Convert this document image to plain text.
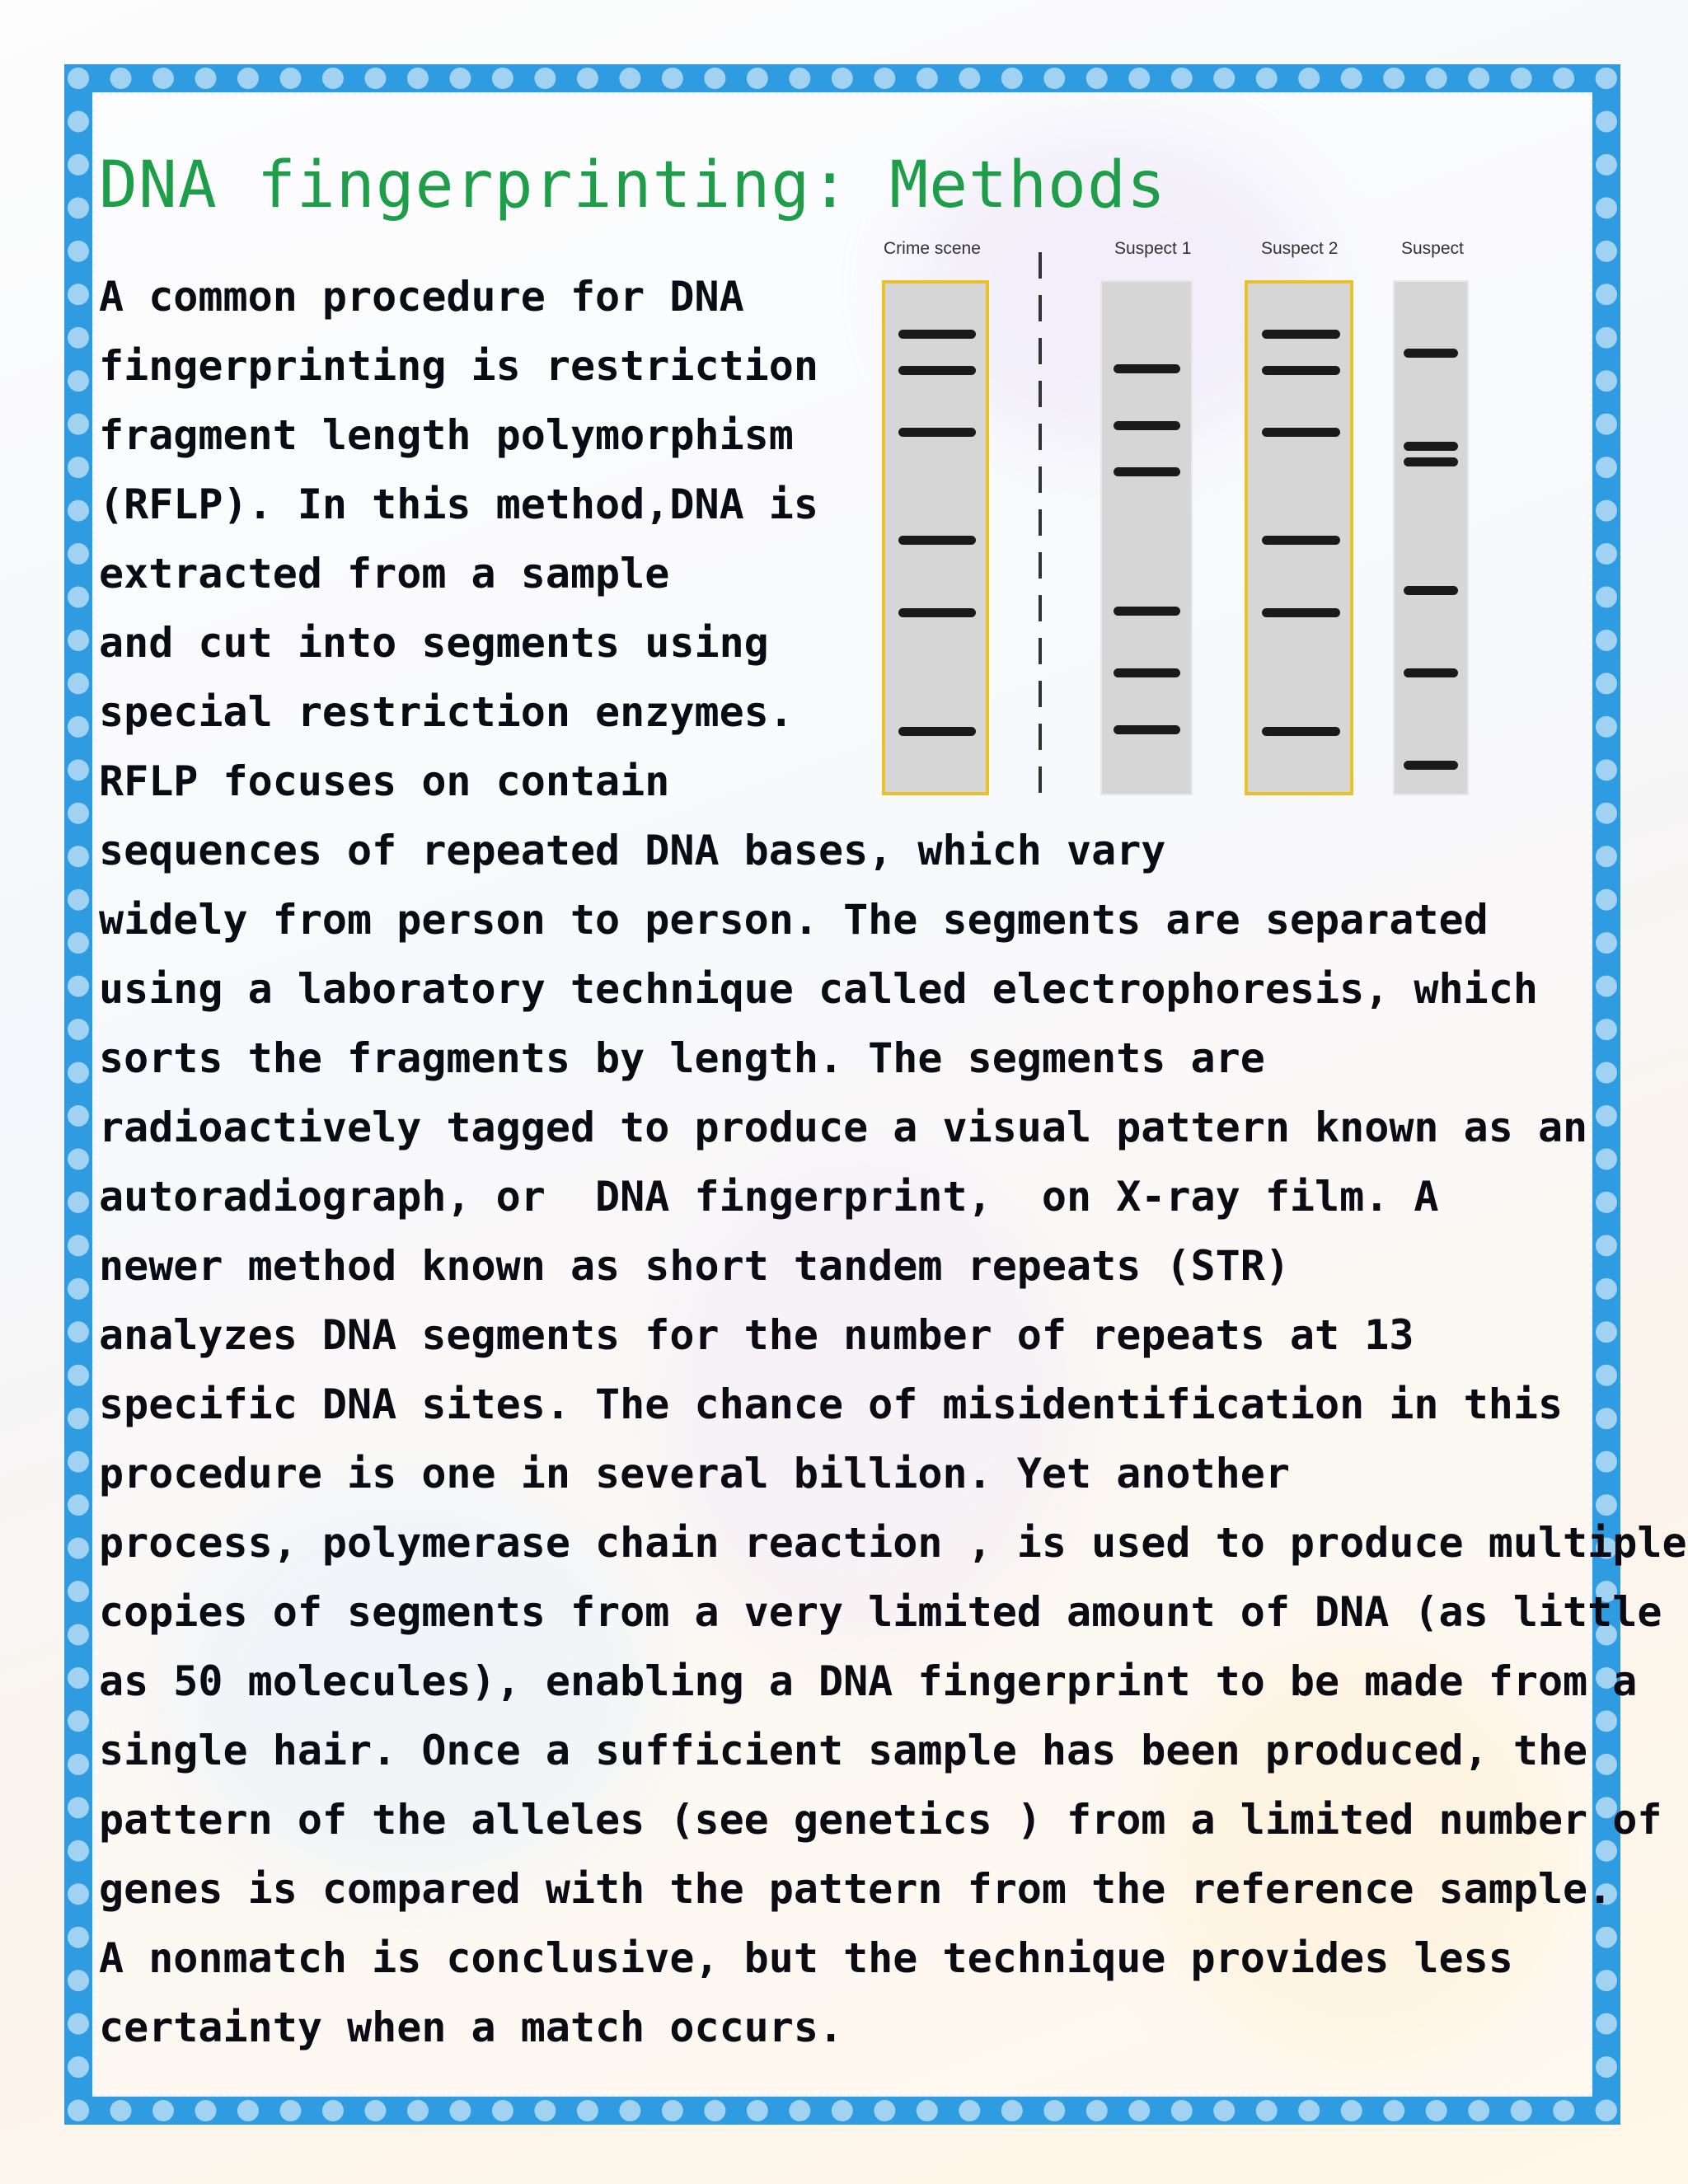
DNA fingerprinting: Methods
A common procedure for DNA
fingerprinting is restriction
fragment length polymorphism
(RFLP). In this method,DNA is
extracted from a sample
and cut into segments using
special restriction enzymes.
RFLP focuses on contain
sequences of repeated DNA bases, which vary
widely from person to person. The segments are separated
using a laboratory technique called electrophoresis, which
sorts the fragments by length. The segments are
radioactively tagged to produce a visual pattern known as an
autoradiograph, or  DNA fingerprint,  on X-ray film. A
newer method known as short tandem repeats (STR)
analyzes DNA segments for the number of repeats at 13
specific DNA sites. The chance of misidentification in this
procedure is one in several billion. Yet another
process, polymerase chain reaction , is used to produce multiple
copies of segments from a very limited amount of DNA (as little
as 50 molecules), enabling a DNA fingerprint to be made from a
single hair. Once a sufficient sample has been produced, the
pattern of the alleles (see genetics ) from a limited number of
genes is compared with the pattern from the reference sample.
A nonmatch is conclusive, but the technique provides less
certainty when a match occurs.
Crime scene	Suspect 1	Suspect 2	Suspect
